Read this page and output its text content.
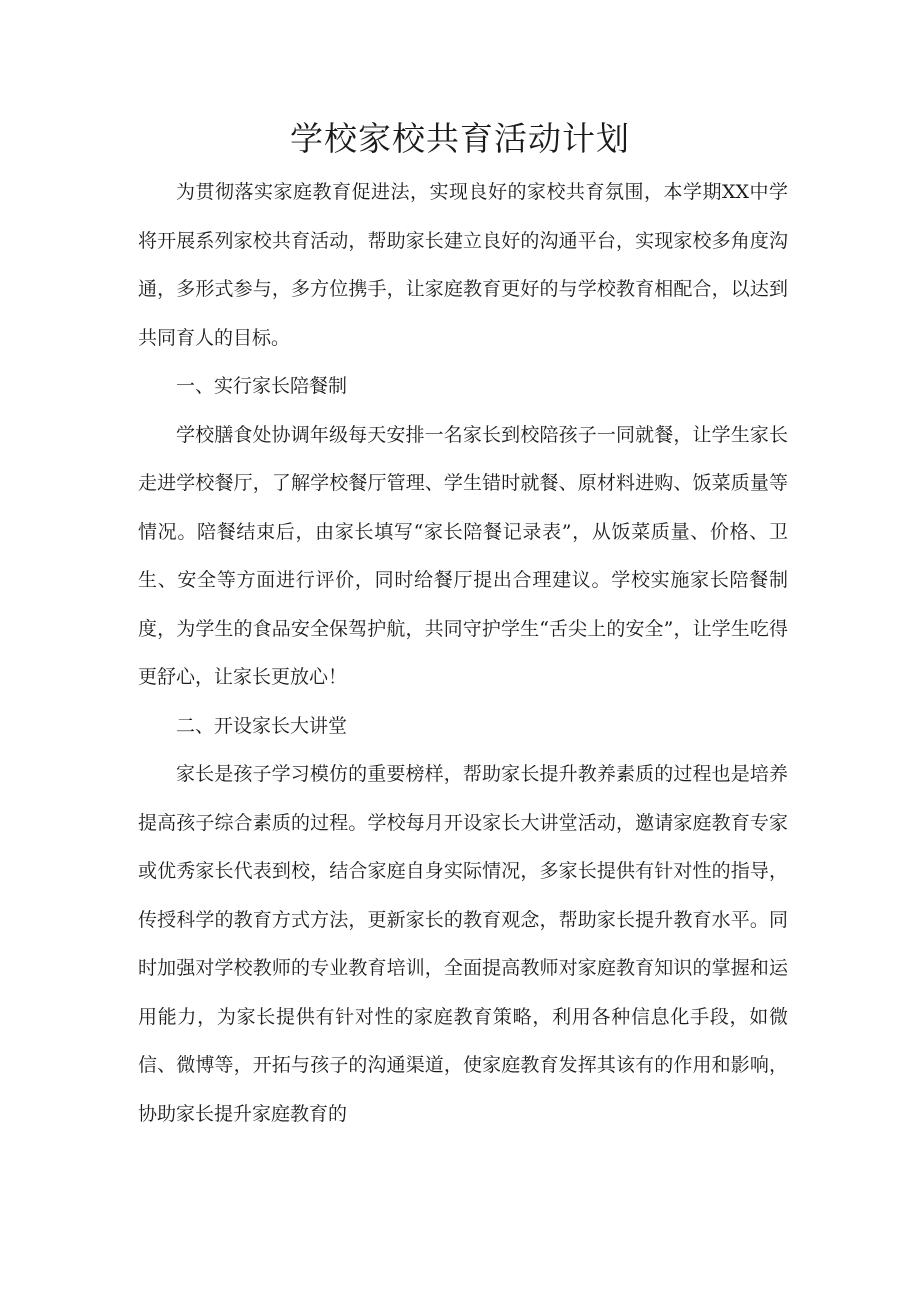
学校家校共育活动计划

为贯彻落实家庭教育促进法，实现良好的家校共育氛围，本学期XX中学将开展系列家校共育活动，帮助家长建立良好的沟通平台，实现家校多角度沟通，多形式参与，多方位携手，让家庭教育更好的与学校教育相配合，以达到共同育人的目标。

一、实行家长陪餐制

学校膳食处协调年级每天安排一名家长到校陪孩子一同就餐，让学生家长走进学校餐厅，了解学校餐厅管理、学生错时就餐、原材料进购、饭菜质量等情况。陪餐结束后，由家长填写“家长陪餐记录表”，从饭菜质量、价格、卫生、安全等方面进行评价，同时给餐厅提出合理建议。学校实施家长陪餐制度，为学生的食品安全保驾护航，共同守护学生“舌尖上的安全”，让学生吃得更舒心，让家长更放心！

二、开设家长大讲堂

家长是孩子学习模仿的重要榜样，帮助家长提升教养素质的过程也是培养提高孩子综合素质的过程。学校每月开设家长大讲堂活动，邀请家庭教育专家或优秀家长代表到校，结合家庭自身实际情况，多家长提供有针对性的指导，传授科学的教育方式方法，更新家长的教育观念，帮助家长提升教育水平。同时加强对学校教师的专业教育培训，全面提高教师对家庭教育知识的掌握和运用能力，为家长提供有针对性的家庭教育策略，利用各种信息化手段，如微信、微博等，开拓与孩子的沟通渠道，使家庭教育发挥其该有的作用和影响，协助家长提升家庭教育的
